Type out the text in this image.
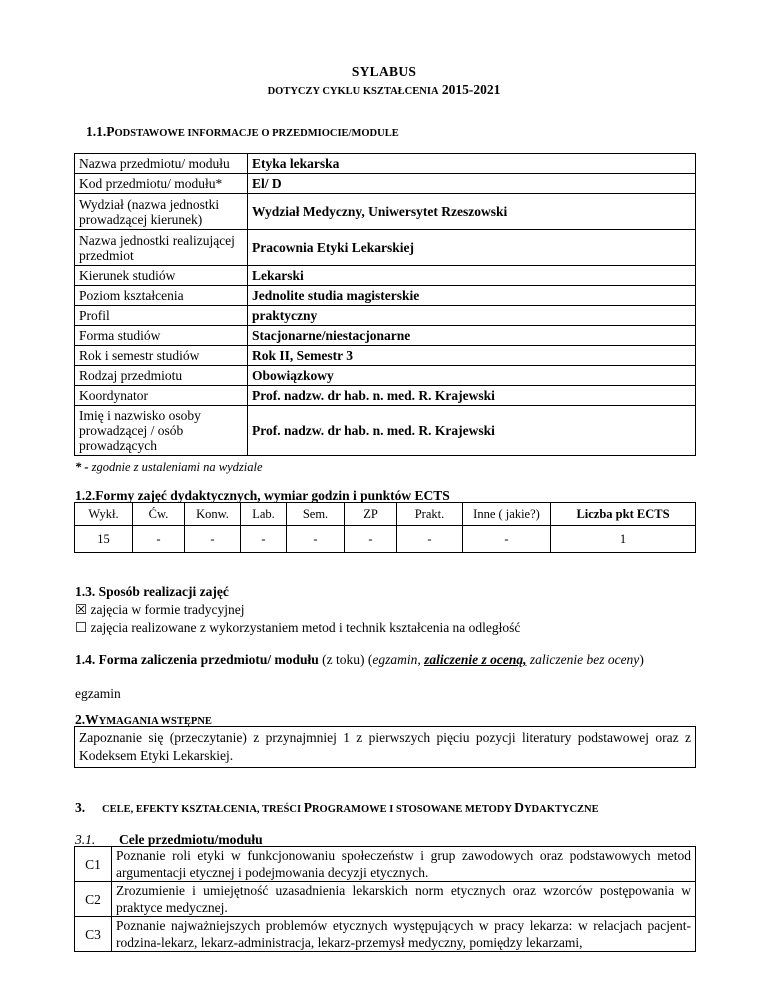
SYLABUS
DOTYCZY CYKLU KSZTAŁCENIA 2015-2021
1.1.PODSTAWOWE INFORMACJE O PRZEDMIOCIE/MODULE
Nazwa przedmiotu/ modułu	Etyka lekarska
Kod przedmiotu/ modułu*	El/ D
Wydział (nazwa jednostki prowadzącej kierunek)	Wydział Medyczny, Uniwersytet Rzeszowski
Nazwa jednostki realizującej przedmiot	Pracownia Etyki Lekarskiej
Kierunek studiów	Lekarski
Poziom kształcenia	Jednolite studia magisterskie
Profil	praktyczny
Forma studiów	Stacjonarne/niestacjonarne
Rok i semestr studiów	Rok II, Semestr 3
Rodzaj przedmiotu	Obowiązkowy
Koordynator	Prof. nadzw. dr hab. n. med. R. Krajewski
Imię i nazwisko osoby prowadzącej / osób prowadzących	Prof. nadzw. dr hab. n. med. R. Krajewski
* - zgodnie z ustaleniami na wydziale
1.2.Formy zajęć dydaktycznych, wymiar godzin i punktów ECTS
Wykł.	Ćw.	Konw.	Lab.	Sem.	ZP	Prakt.	Inne ( jakie?)	Liczba pkt ECTS
15	-	-	-	-	-	-	-	1
1.3. Sposób realizacji zajęć
☒ zajęcia w formie tradycyjnej
☐ zajęcia realizowane z wykorzystaniem metod i technik kształcenia na odległość
1.4. Forma zaliczenia przedmiotu/ modułu (z toku) (egzamin, zaliczenie z oceną, zaliczenie bez oceny)
egzamin
2.WYMAGANIA WSTĘPNE
Zapoznanie się (przeczytanie) z przynajmniej 1 z pierwszych pięciu pozycji literatury podstawowej oraz z Kodeksem Etyki Lekarskiej.
3. CELE, EFEKTY KSZTAŁCENIA, TREŚCI PROGRAMOWE I STOSOWANE METODY DYDAKTYCZNE
3.1. Cele przedmiotu/modułu
C1	Poznanie roli etyki w funkcjonowaniu społeczeństw i grup zawodowych oraz podstawowych metod argumentacji etycznej i podejmowania decyzji etycznych.
C2	Zrozumienie i umiejętność uzasadnienia lekarskich norm etycznych oraz wzorców postępowania w praktyce medycznej.
C3	Poznanie najważniejszych problemów etycznych występujących w pracy lekarza: w relacjach pacjent-rodzina-lekarz, lekarz-administracja, lekarz-przemysł medyczny, pomiędzy lekarzami,
